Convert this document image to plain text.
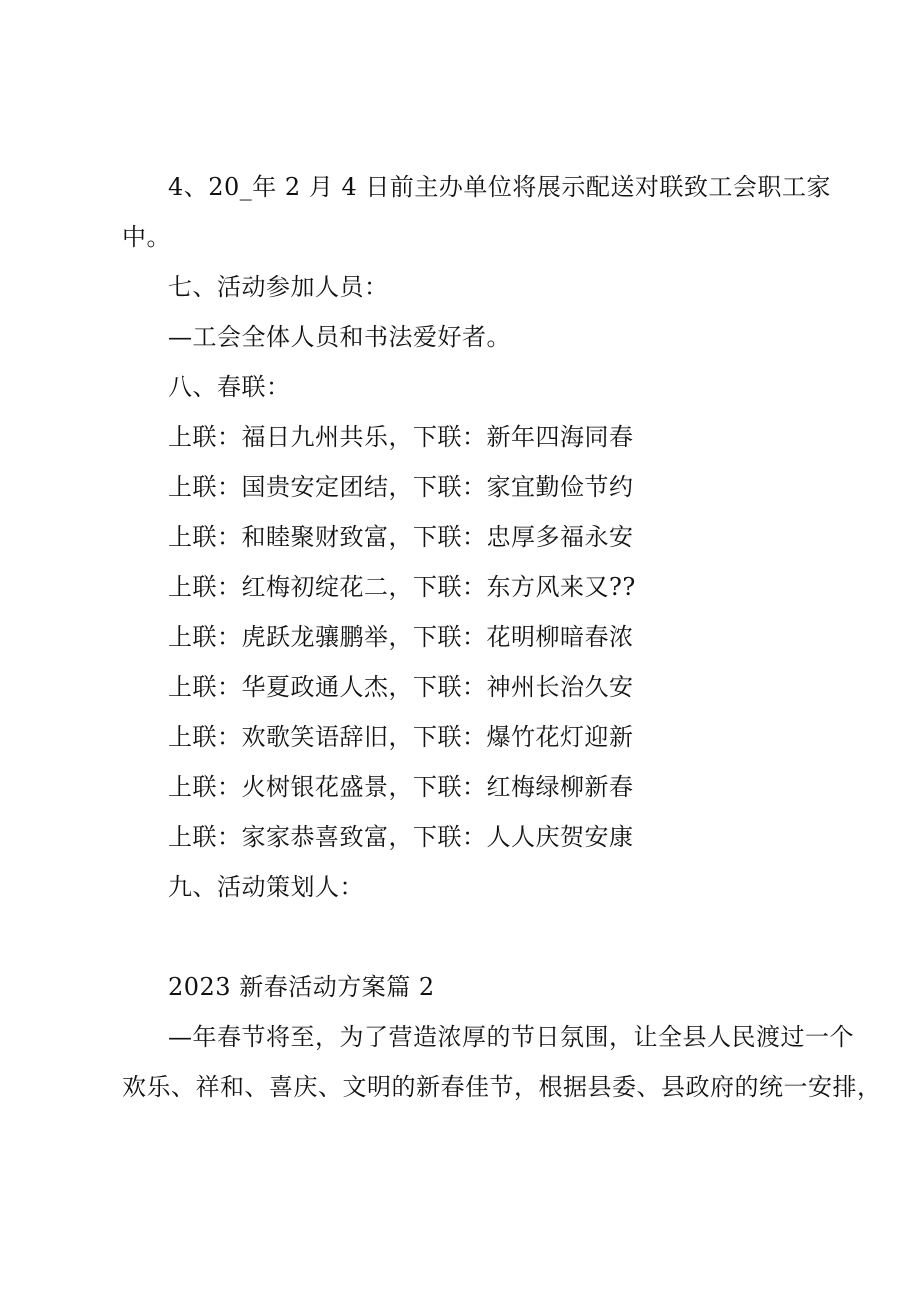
4、20_年 2 月 4 日前主办单位将展示配送对联致工会职工家
中。
七、活动参加人员：
—工会全体人员和书法爱好者。
八、春联：
上联：福日九州共乐，下联：新年四海同春
上联：国贵安定团结，下联：家宜勤俭节约
上联：和睦聚财致富，下联：忠厚多福永安
上联：红梅初绽花二，下联：东方风来又??
上联：虎跃龙骧鹏举，下联：花明柳暗春浓
上联：华夏政通人杰，下联：神州长治久安
上联：欢歌笑语辞旧，下联：爆竹花灯迎新
上联：火树银花盛景，下联：红梅绿柳新春
上联：家家恭喜致富，下联：人人庆贺安康
九、活动策划人：
2023 新春活动方案篇 2
—年春节将至，为了营造浓厚的节日氛围，让全县人民渡过一个
欢乐、祥和、喜庆、文明的新春佳节，根据县委、县政府的统一安排，
